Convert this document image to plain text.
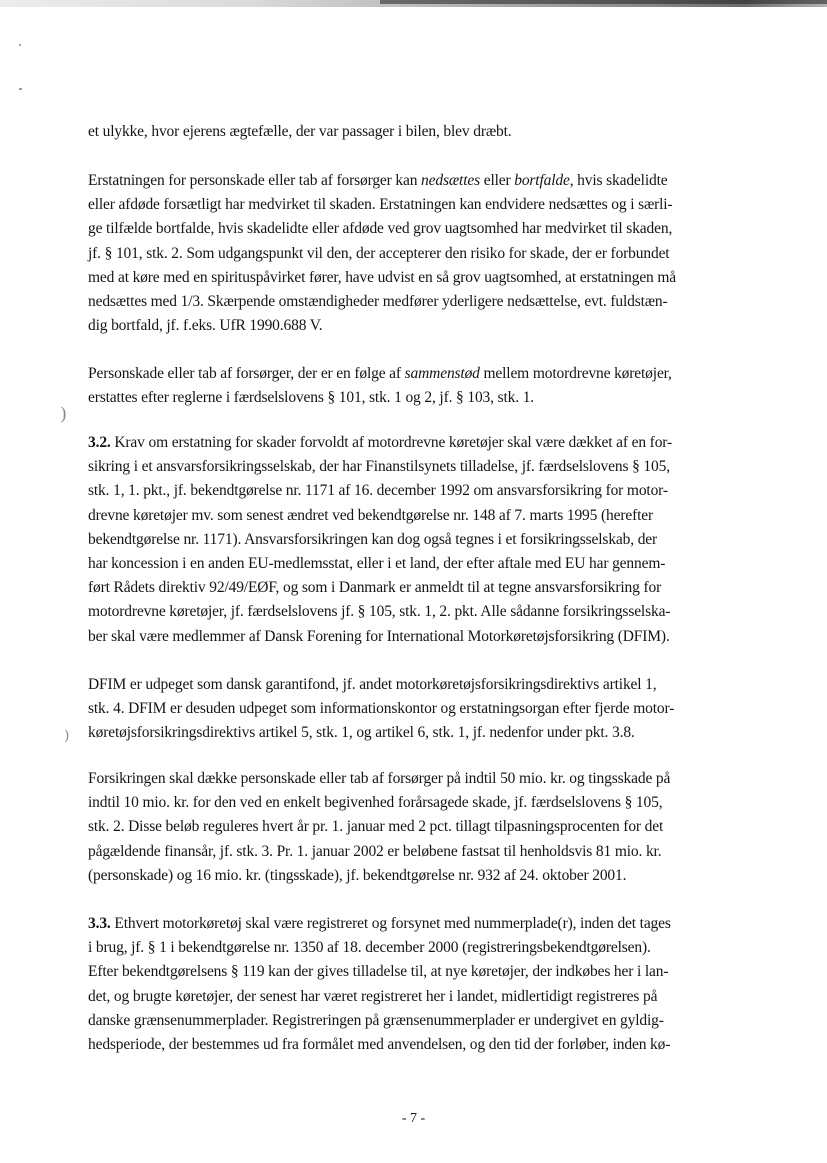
)
)

et ulykke, hvor ejerens ægtefælle, der var passager i bilen, blev dræbt.

Erstatningen for personskade eller tab af forsørger kan nedsættes eller bortfalde, hvis skadelidte
eller afdøde forsætligt har medvirket til skaden. Erstatningen kan endvidere nedsættes og i særli-
ge tilfælde bortfalde, hvis skadelidte eller afdøde ved grov uagtsomhed har medvirket til skaden,
jf. § 101, stk. 2. Som udgangspunkt vil den, der accepterer den risiko for skade, der er forbundet
med at køre med en spirituspåvirket fører, have udvist en så grov uagtsomhed, at erstatningen må
nedsættes med 1/3. Skærpende omstændigheder medfører yderligere nedsættelse, evt. fuldstæn-
dig bortfald, jf. f.eks. UfR 1990.688 V.

Personskade eller tab af forsørger, der er en følge af sammenstød mellem motordrevne køretøjer,
erstattes efter reglerne i færdselslovens § 101, stk. 1 og 2, jf. § 103, stk. 1.

3.2. Krav om erstatning for skader forvoldt af motordrevne køretøjer skal være dækket af en for-
sikring i et ansvarsforsikringsselskab, der har Finanstilsynets tilladelse, jf. færdselslovens § 105,
stk. 1, 1. pkt., jf. bekendtgørelse nr. 1171 af 16. december 1992 om ansvarsforsikring for motor-
drevne køretøjer mv. som senest ændret ved bekendtgørelse nr. 148 af 7. marts 1995 (herefter
bekendtgørelse nr. 1171). Ansvarsforsikringen kan dog også tegnes i et forsikringsselskab, der
har koncession i en anden EU-medlemsstat, eller i et land, der efter aftale med EU har gennem-
ført Rådets direktiv 92/49/EØF, og som i Danmark er anmeldt til at tegne ansvarsforsikring for
motordrevne køretøjer, jf. færdselslovens jf. § 105, stk. 1, 2. pkt. Alle sådanne forsikringsselska-
ber skal være medlemmer af Dansk Forening for International Motorkøretøjsforsikring (DFIM).

DFIM er udpeget som dansk garantifond, jf. andet motorkøretøjsforsikringsdirektivs artikel 1,
stk. 4. DFIM er desuden udpeget som informationskontor og erstatningsorgan efter fjerde motor-
køretøjsforsikringsdirektivs artikel 5, stk. 1, og artikel 6, stk. 1, jf. nedenfor under pkt. 3.8.

Forsikringen skal dække personskade eller tab af forsørger på indtil 50 mio. kr. og tingsskade på
indtil 10 mio. kr. for den ved en enkelt begivenhed forårsagede skade, jf. færdselslovens § 105,
stk. 2. Disse beløb reguleres hvert år pr. 1. januar med 2 pct. tillagt tilpasningsprocenten for det
pågældende finansår, jf. stk. 3. Pr. 1. januar 2002 er beløbene fastsat til henholdsvis 81 mio. kr.
(personskade) og 16 mio. kr. (tingsskade), jf. bekendtgørelse nr. 932 af 24. oktober 2001.

3.3. Ethvert motorkøretøj skal være registreret og forsynet med nummerplade(r), inden det tages
i brug, jf. § 1 i bekendtgørelse nr. 1350 af 18. december 2000 (registreringsbekendtgørelsen).
Efter bekendtgørelsens § 119 kan der gives tilladelse til, at nye køretøjer, der indkøbes her i lan-
det, og brugte køretøjer, der senest har været registreret her i landet, midlertidigt registreres på
danske grænsenummerplader. Registreringen på grænsenummerplader er undergivet en gyldig-
hedsperiode, der bestemmes ud fra formålet med anvendelsen, og den tid der forløber, inden kø-

- 7 -
